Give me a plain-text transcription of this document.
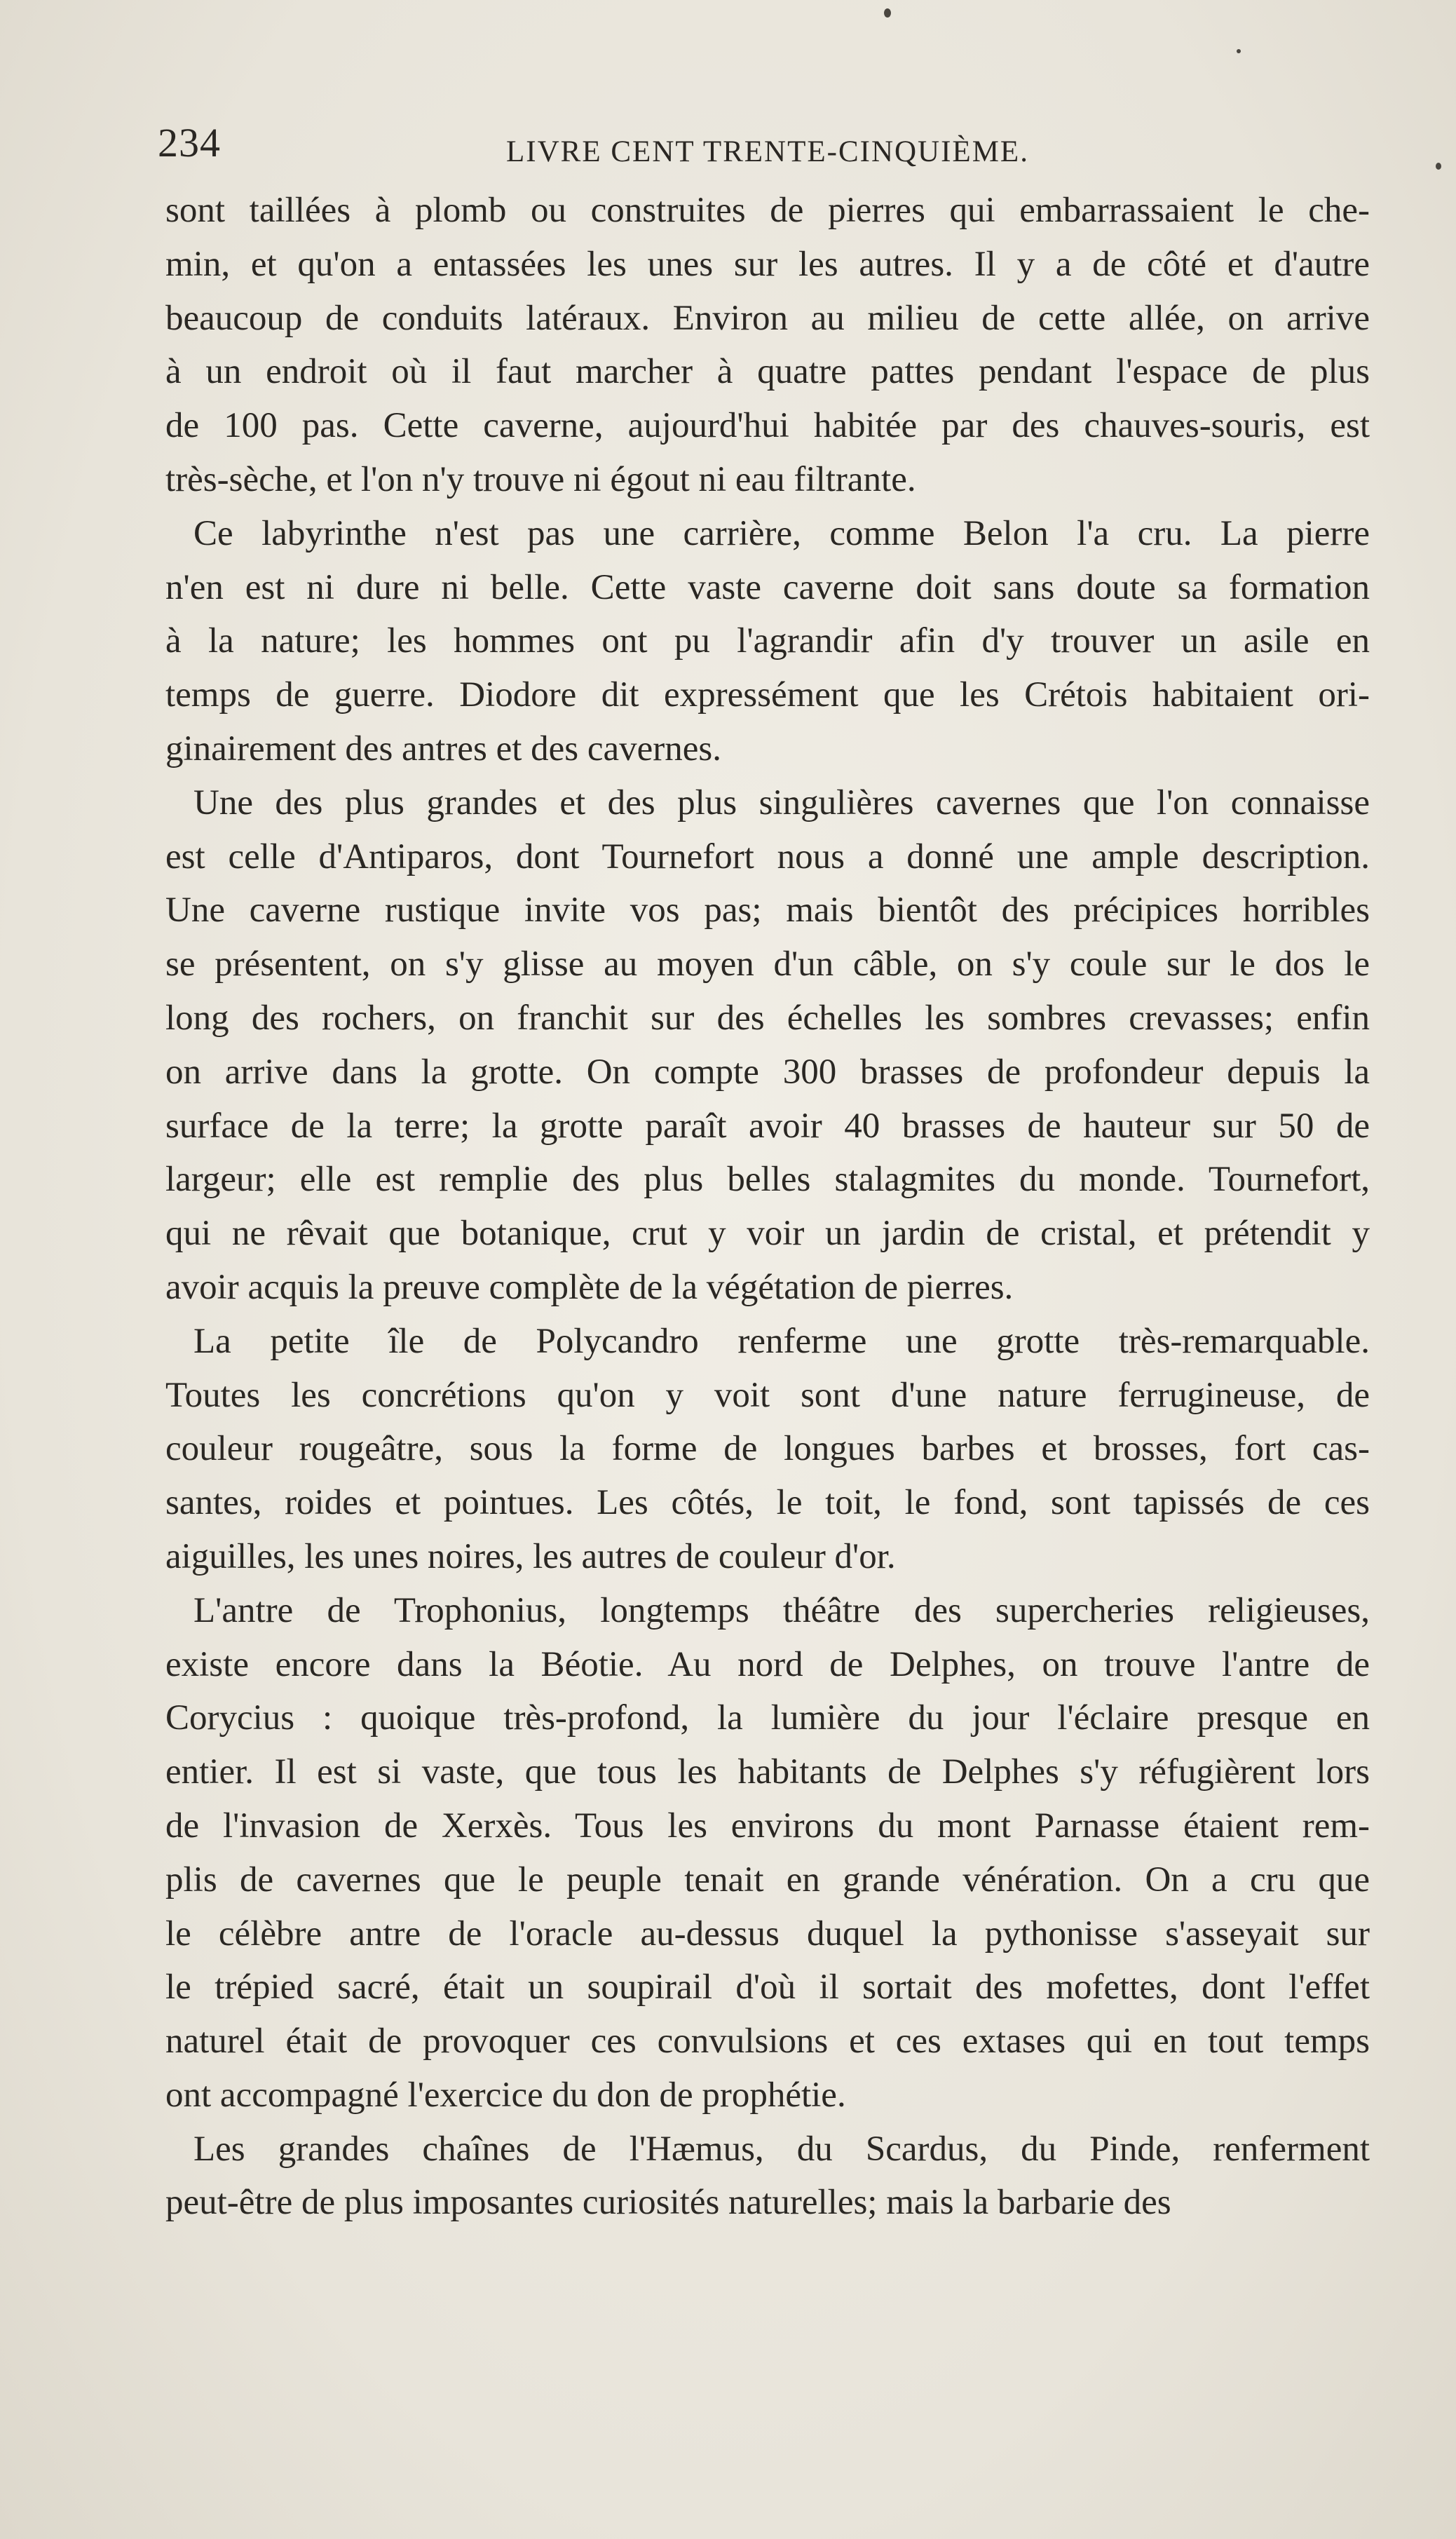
234	LIVRE CENT TRENTE-CINQUIÈME.
sont taillées à plomb ou construites de pierres qui embarrassaient le che-
min, et qu'on a entassées les unes sur les autres. Il y a de côté et d'autre
beaucoup de conduits latéraux. Environ au milieu de cette allée, on arrive
à un endroit où il faut marcher à quatre pattes pendant l'espace de plus
de 100 pas. Cette caverne, aujourd'hui habitée par des chauves-souris, est
très-sèche, et l'on n'y trouve ni égout ni eau filtrante.
Ce labyrinthe n'est pas une carrière, comme Belon l'a cru. La pierre
n'en est ni dure ni belle. Cette vaste caverne doit sans doute sa formation
à la nature; les hommes ont pu l'agrandir afin d'y trouver un asile en
temps de guerre. Diodore dit expressément que les Crétois habitaient ori-
ginairement des antres et des cavernes.
Une des plus grandes et des plus singulières cavernes que l'on connaisse
est celle d'Antiparos, dont Tournefort nous a donné une ample description.
Une caverne rustique invite vos pas; mais bientôt des précipices horribles
se présentent, on s'y glisse au moyen d'un câble, on s'y coule sur le dos le
long des rochers, on franchit sur des échelles les sombres crevasses; enfin
on arrive dans la grotte. On compte 300 brasses de profondeur depuis la
surface de la terre; la grotte paraît avoir 40 brasses de hauteur sur 50 de
largeur; elle est remplie des plus belles stalagmites du monde. Tournefort,
qui ne rêvait que botanique, crut y voir un jardin de cristal, et prétendit y
avoir acquis la preuve complète de la végétation de pierres.
La petite île de Polycandro renferme une grotte très-remarquable.
Toutes les concrétions qu'on y voit sont d'une nature ferrugineuse, de
couleur rougeâtre, sous la forme de longues barbes et brosses, fort cas-
santes, roides et pointues. Les côtés, le toit, le fond, sont tapissés de ces
aiguilles, les unes noires, les autres de couleur d'or.
L'antre de Trophonius, longtemps théâtre des supercheries religieuses,
existe encore dans la Béotie. Au nord de Delphes, on trouve l'antre de
Corycius : quoique très-profond, la lumière du jour l'éclaire presque en
entier. Il est si vaste, que tous les habitants de Delphes s'y réfugièrent lors
de l'invasion de Xerxès. Tous les environs du mont Parnasse étaient rem-
plis de cavernes que le peuple tenait en grande vénération. On a cru que
le célèbre antre de l'oracle au-dessus duquel la pythonisse s'asseyait sur
le trépied sacré, était un soupirail d'où il sortait des mofettes, dont l'effet
naturel était de provoquer ces convulsions et ces extases qui en tout temps
ont accompagné l'exercice du don de prophétie.
Les grandes chaînes de l'Hæmus, du Scardus, du Pinde, renferment
peut-être de plus imposantes curiosités naturelles; mais la barbarie des
